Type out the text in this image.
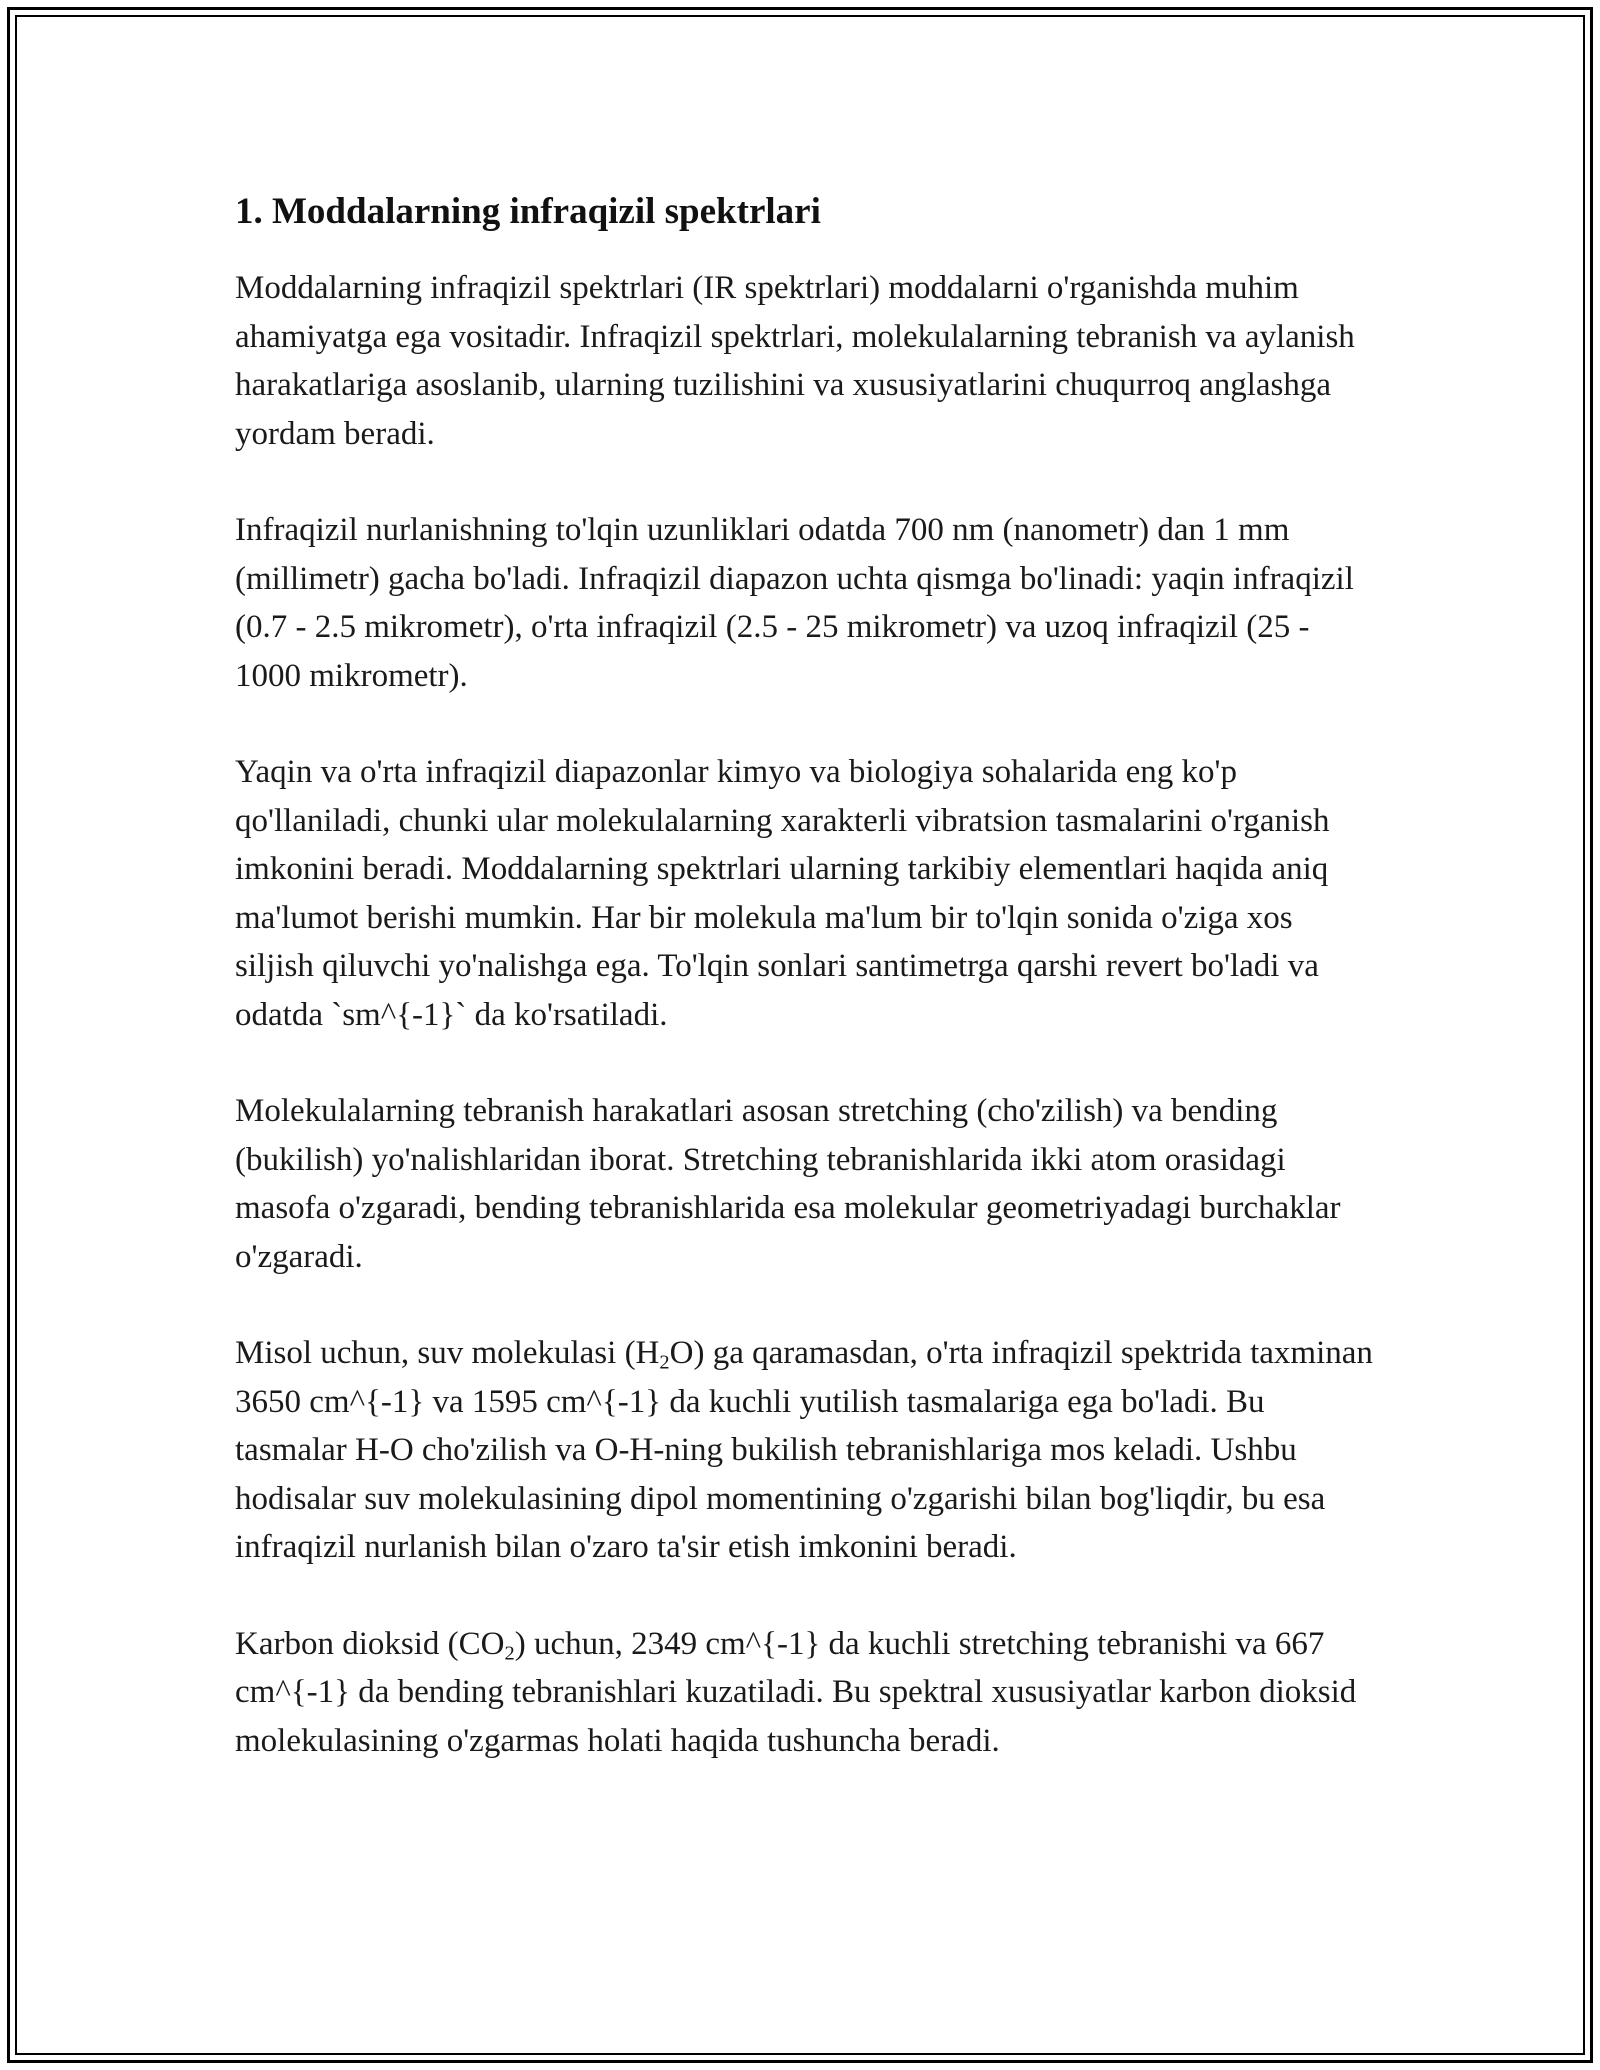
1. Moddalarning infraqizil spektrlari

Moddalarning infraqizil spektrlari (IR spektrlari) moddalarni o'rganishda muhim ahamiyatga ega vositadir. Infraqizil spektrlari, molekulalarning tebranish va aylanish harakatlariga asoslanib, ularning tuzilishini va xususiyatlarini chuqurroq anglashga yordam beradi.

Infraqizil nurlanishning to'lqin uzunliklari odatda 700 nm (nanometr) dan 1 mm (millimetr) gacha bo'ladi. Infraqizil diapazon uchta qismga bo'linadi: yaqin infraqizil (0.7 - 2.5 mikrometr), o'rta infraqizil (2.5 - 25 mikrometr) va uzoq infraqizil (25 - 1000 mikrometr).

Yaqin va o'rta infraqizil diapazonlar kimyo va biologiya sohalarida eng ko'p qo'llaniladi, chunki ular molekulalarning xarakterli vibratsion tasmalarini o'rganish imkonini beradi. Moddalarning spektrlari ularning tarkibiy elementlari haqida aniq ma'lumot berishi mumkin. Har bir molekula ma'lum bir to'lqin sonida o'ziga xos siljish qiluvchi yo'nalishga ega. To'lqin sonlari santimetrga qarshi revert bo'ladi va odatda `sm^{-1}` da ko'rsatiladi.

Molekulalarning tebranish harakatlari asosan stretching (cho'zilish) va bending (bukilish) yo'nalishlaridan iborat. Stretching tebranishlarida ikki atom orasidagi masofa o'zgaradi, bending tebranishlarida esa molekular geometriyadagi burchaklar o'zgaradi.

Misol uchun, suv molekulasi $(H_2O)$ ga qaramasdan, o'rta infraqizil spektrida taxminan 3650 cm^{-1} va 1595 cm^{-1} da kuchli yutilish tasmalariga ega bo'ladi. Bu tasmalar H-O cho'zilish va O-H-ning bukilish tebranishlariga mos keladi. Ushbu hodisalar suv molekulasining dipol momentining o'zgarishi bilan bog'liqdir, bu esa infraqizil nurlanish bilan o'zaro ta'sir etish imkonini beradi.

Karbon dioksid $(CO_2)$ uchun, 2349 cm^{-1} da kuchli stretching tebranishi va 667 cm^{-1} da bending tebranishlari kuzatiladi. Bu spektral xususiyatlar karbon dioksid molekulasining o'zgarmas holati haqida tushuncha beradi.
